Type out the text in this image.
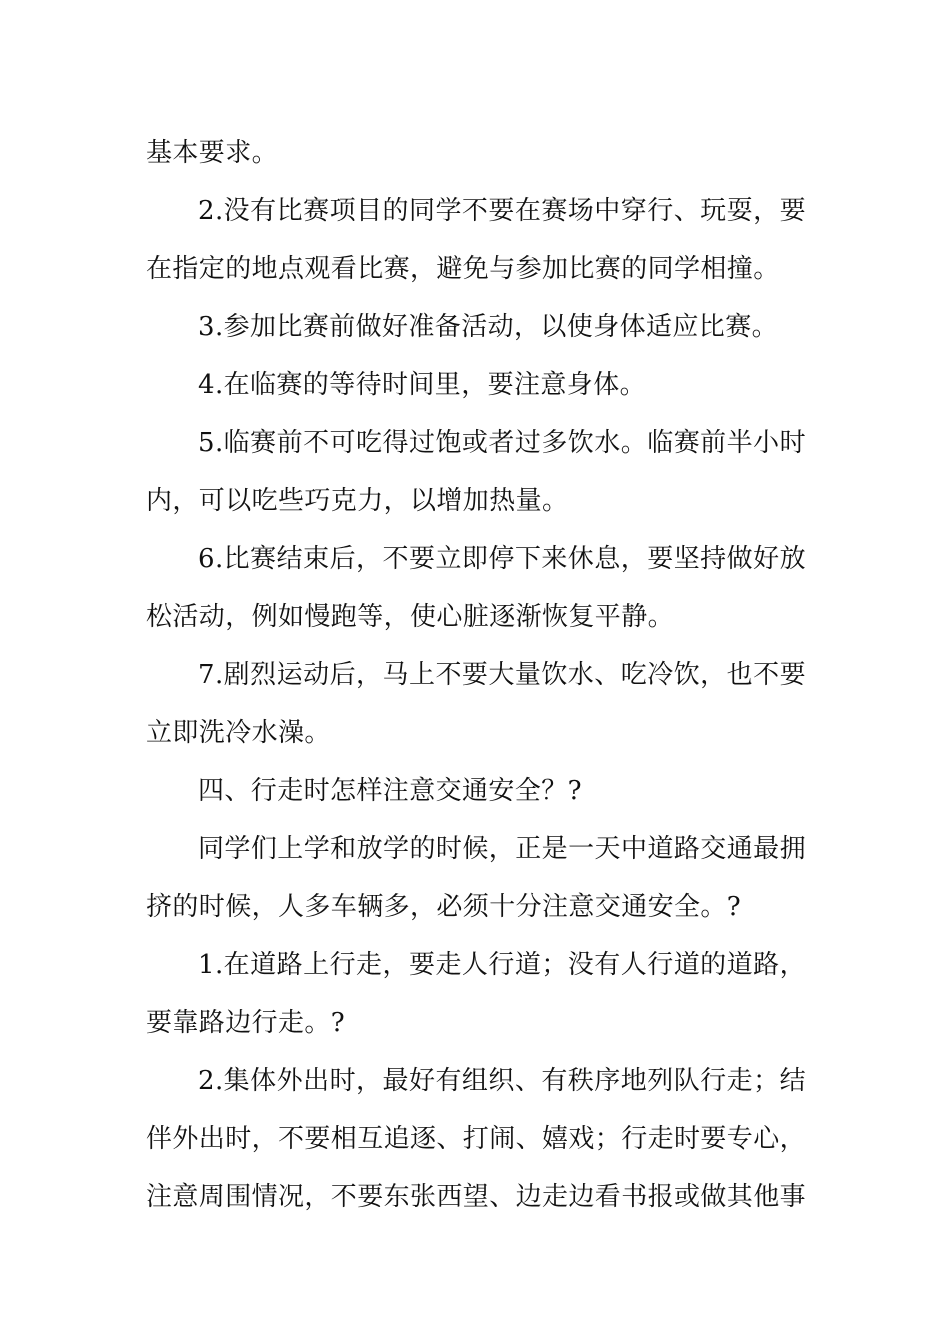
基本要求。

2.没有比赛项目的同学不要在赛场中穿行、玩耍，要在指定的地点观看比赛，避免与参加比赛的同学相撞。

3.参加比赛前做好准备活动，以使身体适应比赛。

4.在临赛的等待时间里，要注意身体。

5.临赛前不可吃得过饱或者过多饮水。临赛前半小时内，可以吃些巧克力，以增加热量。

6.比赛结束后，不要立即停下来休息，要坚持做好放松活动，例如慢跑等，使心脏逐渐恢复平静。

7.剧烈运动后，马上不要大量饮水、吃冷饮，也不要立即洗冷水澡。

四、行走时怎样注意交通安全？?

同学们上学和放学的时候，正是一天中道路交通最拥挤的时候，人多车辆多，必须十分注意交通安全。?

1.在道路上行走，要走人行道；没有人行道的道路，要靠路边行走。?

2.集体外出时，最好有组织、有秩序地列队行走；结伴外出时，不要相互追逐、打闹、嬉戏；行走时要专心，注意周围情况，不要东张西望、边走边看书报或做其他事
